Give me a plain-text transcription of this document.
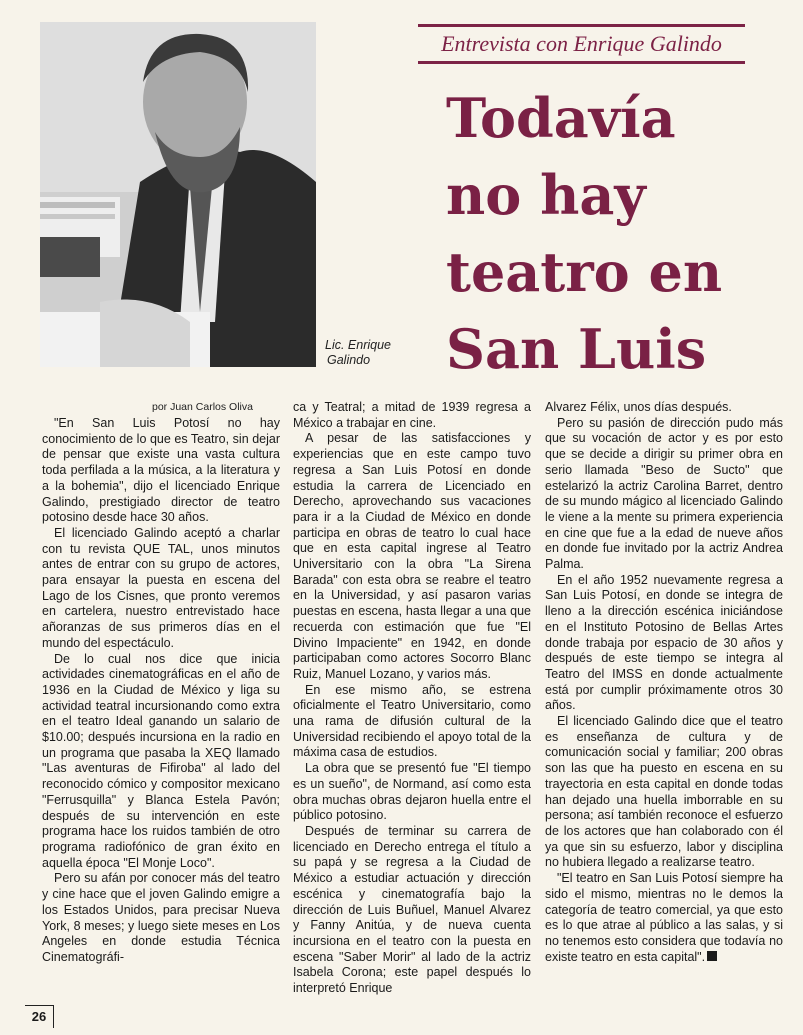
Lic. Enrique
Galindo
Entrevista con Enrique Galindo
Todavía
no hay
teatro en
San Luis
por Juan Carlos Oliva

"En San Luis Potosí no hay conocimiento de lo que es Teatro, sin dejar de pensar que existe una vasta cultura toda perfilada a la música, a la literatura y a la bohemia", dijo el licenciado Enrique Galindo, prestigiado director de teatro potosino desde hace 30 años.

El licenciado Galindo aceptó a charlar con tu revista QUE TAL, unos minutos antes de entrar con su grupo de actores, para ensayar la puesta en escena del Lago de los Cisnes, que pronto veremos en cartelera, nuestro entrevistado hace añoranzas de sus primeros días en el mundo del espectáculo.

De lo cual nos dice que inicia actividades cinematográficas en el año de 1936 en la Ciudad de México y liga su actividad teatral incursionando como extra en el teatro Ideal ganando un salario de $10.00; después incursiona en la radio en un programa que pasaba la XEQ llamado "Las aventuras de Fifiroba" al lado del reconocido cómico y compositor mexicano "Ferrusquilla" y Blanca Estela Pavón; después de su intervención en este programa hace los ruidos también de otro programa radiofónico de gran éxito en aquella época "El Monje Loco".

Pero su afán por conocer más del teatro y cine hace que el joven Galindo emigre a los Estados Unidos, para precisar Nueva York, 8 meses; y luego siete meses en Los Angeles en donde estudia Técnica Cinematográfi-

ca y Teatral; a mitad de 1939 regresa a México a trabajar en cine.

A pesar de las satisfacciones y experiencias que en este campo tuvo regresa a San Luis Potosí en donde estudia la carrera de Licenciado en Derecho, aprovechando sus vacaciones para ir a la Ciudad de México en donde participa en obras de teatro lo cual hace que en esta capital ingrese al Teatro Universitario con la obra "La Sirena Barada" con esta obra se reabre el teatro en la Universidad, y así pasaron varias puestas en escena, hasta llegar a una que recuerda con estimación que fue "El Divino Impaciente" en 1942, en donde participaban como actores Socorro Blanc Ruiz, Manuel Lozano, y varios más.

En ese mismo año, se estrena oficialmente el Teatro Universitario, como una rama de difusión cultural de la Universidad recibiendo el apoyo total de la máxima casa de estudios.

La obra que se presentó fue "El tiempo es un sueño", de Normand, así como esta obra muchas obras dejaron huella entre el público potosino.

Después de terminar su carrera de licenciado en Derecho entrega el título a su papá y se regresa a la Ciudad de México a estudiar actuación y dirección escénica y cinematografía bajo la dirección de Luis Buñuel, Manuel Alvarez y Fanny Anitúa, y de nueva cuenta incursiona en el teatro con la puesta en escena "Saber Morir" al lado de la actriz Isabela Corona; este papel después lo interpretó Enrique

Alvarez Félix, unos días después.

Pero su pasión de dirección pudo más que su vocación de actor y es por esto que se decide a dirigir su primer obra en serio llamada "Beso de Sucto" que estelarizó la actriz Carolina Barret, dentro de su mundo mágico al licenciado Galindo le viene a la mente su primera experiencia en cine que fue a la edad de nueve años en donde fue invitado por la actriz Andrea Palma.

En el año 1952 nuevamente regresa a San Luis Potosí, en donde se integra de lleno a la dirección escénica iniciándose en el Instituto Potosino de Bellas Artes donde trabaja por espacio de 30 años y después de este tiempo se integra al Teatro del IMSS en donde actualmente está por cumplir próximamente otros 30 años.

El licenciado Galindo dice que el teatro es enseñanza de cultura y de comunicación social y familiar; 200 obras son las que ha puesto en escena en su trayectoria en esta capital en donde todas han dejado una huella imborrable en su persona; así también reconoce el esfuerzo de los actores que han colaborado con él ya que sin su esfuerzo, labor y disciplina no hubiera llegado a realizarse teatro.

"El teatro en San Luis Potosí siempre ha sido el mismo, mientras no le demos la categoría de teatro comercial, ya que esto es lo que atrae al público a las salas, y si no tenemos esto considera que todavía no existe teatro en esta capital".

26
